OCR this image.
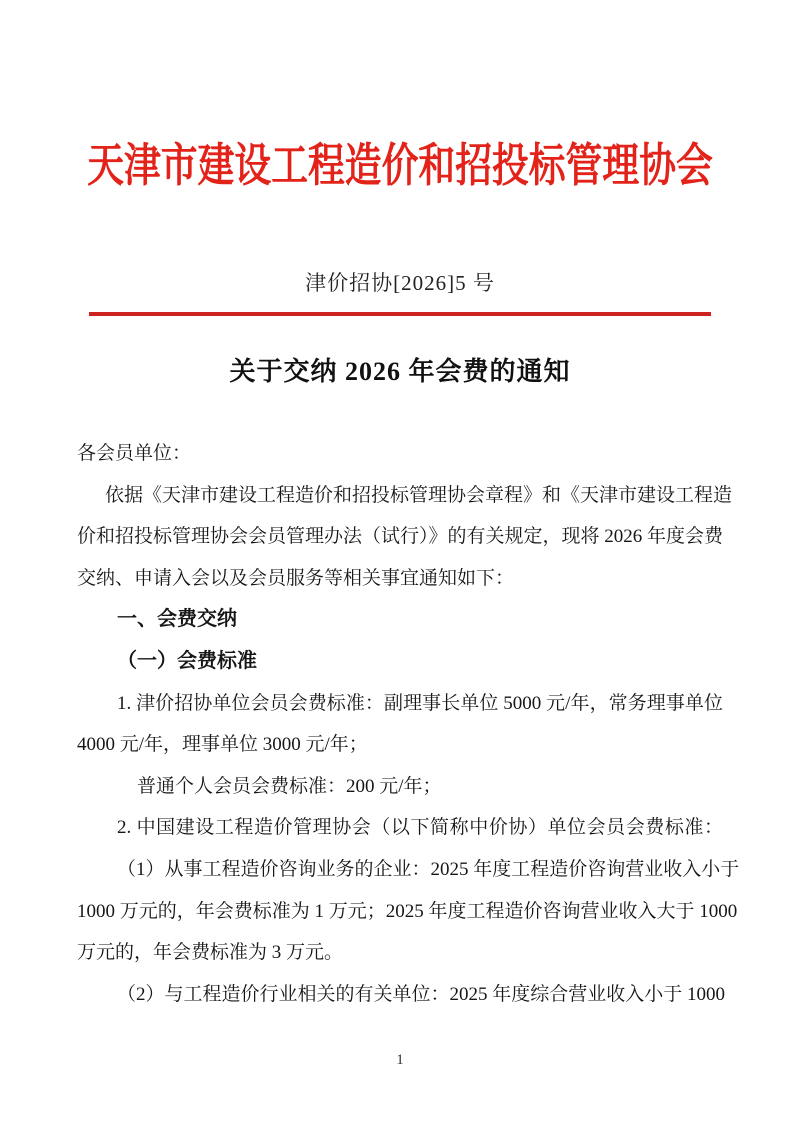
天津市建设工程造价和招投标管理协会
津价招协[2026]5 号
关于交纳 2026 年会费的通知
各会员单位：
依据《天津市建设工程造价和招投标管理协会章程》和《天津市建设工程造
价和招投标管理协会会员管理办法（试行）》的有关规定，现将 2026 年度会费
交纳、申请入会以及会员服务等相关事宜通知如下：
一、会费交纳
（一）会费标准
1. 津价招协单位会员会费标准：副理事长单位 5000 元/年，常务理事单位
4000 元/年，理事单位 3000 元/年；
普通个人会员会费标准：200 元/年；
2. 中国建设工程造价管理协会（以下简称中价协）单位会员会费标准：
（1）从事工程造价咨询业务的企业：2025 年度工程造价咨询营业收入小于
1000 万元的，年会费标准为 1 万元；2025 年度工程造价咨询营业收入大于 1000
万元的，年会费标准为 3 万元。
（2）与工程造价行业相关的有关单位：2025 年度综合营业收入小于 1000
1
